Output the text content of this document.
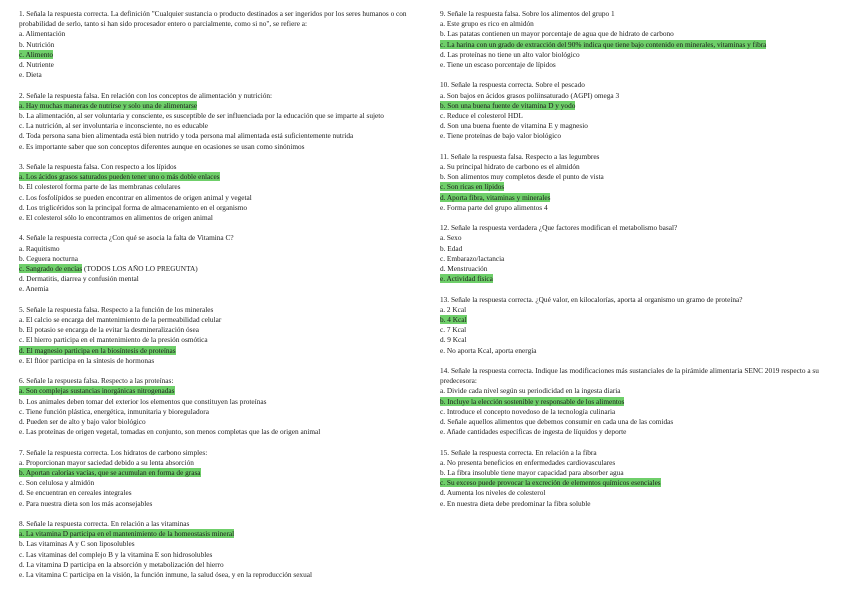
1. Señala la respuesta correcta. La definición "Cualquier sustancia o producto destinados a ser ingeridos por los seres humanos o con probabilidad de serlo, tanto si han sido procesador entero o parcialmente, como si no", se refiere a:
a. Alimentación
b. Nutrición
c. Alimento
d. Nutriente
e. Dieta
2. Señale la respuesta falsa. En relación con los conceptos de alimentación y nutrición:
a. Hay muchas maneras de nutrirse y solo una de alimentarse
b. La alimentación, al ser voluntaria y consciente, es susceptible de ser influenciada por la educación que se imparte al sujeto
c. La nutrición, al ser involuntaria e inconsciente, no es educable
d. Toda persona sana bien alimentada está bien nutrido y toda persona mal alimentada está suficientemente nutrida
e. Es importante saber que son conceptos diferentes aunque en ocasiones se usan como sinónimos
3. Señale la respuesta falsa. Con respecto a los lípidos
a. Los ácidos grasos saturados pueden tener uno o más doble enlaces
b. El colesterol forma parte de las membranas celulares
c. Los fosfolípidos se pueden encontrar en alimentos de origen animal y vegetal
d. Los triglicéridos son la principal forma de almacenamiento en el organismo
e. El colesterol sólo lo encontramos en alimentos de origen animal
4. Señale la respuesta correcta ¿Con qué se asocia la falta de Vitamina C?
a. Raquitismo
b. Ceguera nocturna
c. Sangrado de encías (TODOS LOS AÑO LO PREGUNTA)
d. Dermatitis, diarrea y confusión mental
e. Anemia
5. Señale la respuesta falsa. Respecto a la función de los minerales
a. El calcio se encarga del mantenimiento de la permeabilidad celular
b. El potasio se encarga de la evitar la desmineralización ósea
c. El hierro participa en el mantenimiento de la presión osmótica
d. El magnesio participa en la biosíntesis de proteínas
e. El flúor participa en la síntesis de hormonas
6. Señale la respuesta falsa. Respecto a las proteínas:
a. Son complejas sustancias inorgánicas nitrogenadas
b. Los animales deben tomar del exterior los elementos que constituyen las proteínas
c. Tiene función plástica, energética, inmunitaria y bioreguladora
d. Pueden ser de alto y bajo valor biológico
e. Las proteínas de origen vegetal, tomadas en conjunto, son menos completas que las de origen animal
7. Señale la respuesta correcta. Los hidratos de carbono simples:
a. Proporcionan mayor saciedad debido a su lenta absorción
b. Aportan calorías vacías, que se acumulan en forma de grasa
c. Son celulosa y almidón
d. Se encuentran en cereales integrales
e. Para nuestra dieta son los más aconsejables
8. Señale la respuesta correcta. En relación a las vitaminas
a. La vitamina D participa en el mantenimiento de la homeostasis mineral
b. Las vitaminas A y C son liposolubles
c. Las vitaminas del complejo B y la vitamina E son hidrosolubles
d. La vitamina D participa en la absorción y metabolización del hierro
e. La vitamina C participa en la visión, la función inmune, la salud ósea, y en la reproducción sexual
9. Señale la respuesta falsa. Sobre los alimentos del grupo 1
a. Este grupo es rico en almidón
b. Las patatas contienen un mayor porcentaje de agua que de hidrato de carbono
c. La harina con un grado de extracción del 90% indica que tiene bajo contenido en minerales, vitaminas y fibra
d. Las proteínas no tiene un alto valor biológico
e. Tiene un escaso porcentaje de lípidos
10. Señale la respuesta correcta. Sobre el pescado
a. Son bajos en ácidos grasos poliinsaturado (AGPI) omega 3
b. Son una buena fuente de vitamina D y yodo
c. Reduce el colesterol HDL
d. Son una buena fuente de vitamina E y magnesio
e. Tiene proteínas de bajo valor biológico
11. Señale la respuesta falsa. Respecto a las legumbres
a. Su principal hidrato de carbono es el almidón
b. Son alimentos muy completos desde el punto de vista
c. Son ricas en lípidos
d. Aporta fibra, vitaminas y minerales
e. Forma parte del grupo alimentos 4
12. Señale la respuesta verdadera ¿Que factores modifican el metabolismo basal?
a. Sexo
b. Edad
c. Embarazo/lactancia
d. Menstruación
e. Actividad física
13. Señale la respuesta correcta. ¿Qué valor, en kilocalorías, aporta al organismo un gramo de proteína?
a. 2 Kcal
b. 4 Kcal
c. 7 Kcal
d. 9 Kcal
e. No aporta Kcal, aporta energía
14. Señale la respuesta correcta. Indique las modificaciones más sustanciales de la pirámide alimentaria SENC 2019 respecto a su predecesora:
a. Divide cada nivel según su periodicidad en la ingesta diaria
b. Incluye la elección sostenible y responsable de los alimentos
c. Introduce el concepto novedoso de la tecnología culinaria
d. Señale aquellos alimentos que debemos consumir en cada una de las comidas
e. Añade cantidades específicas de ingesta de líquidos y deporte
15. Señale la respuesta correcta. En relación a la fibra
a. No presenta beneficios en enfermedades cardiovasculares
b. La fibra insoluble tiene mayor capacidad para absorber agua
c. Su exceso puede provocar la excreción de elementos químicos esenciales
d. Aumenta los niveles de colesterol
e. En nuestra dieta debe predominar la fibra soluble
